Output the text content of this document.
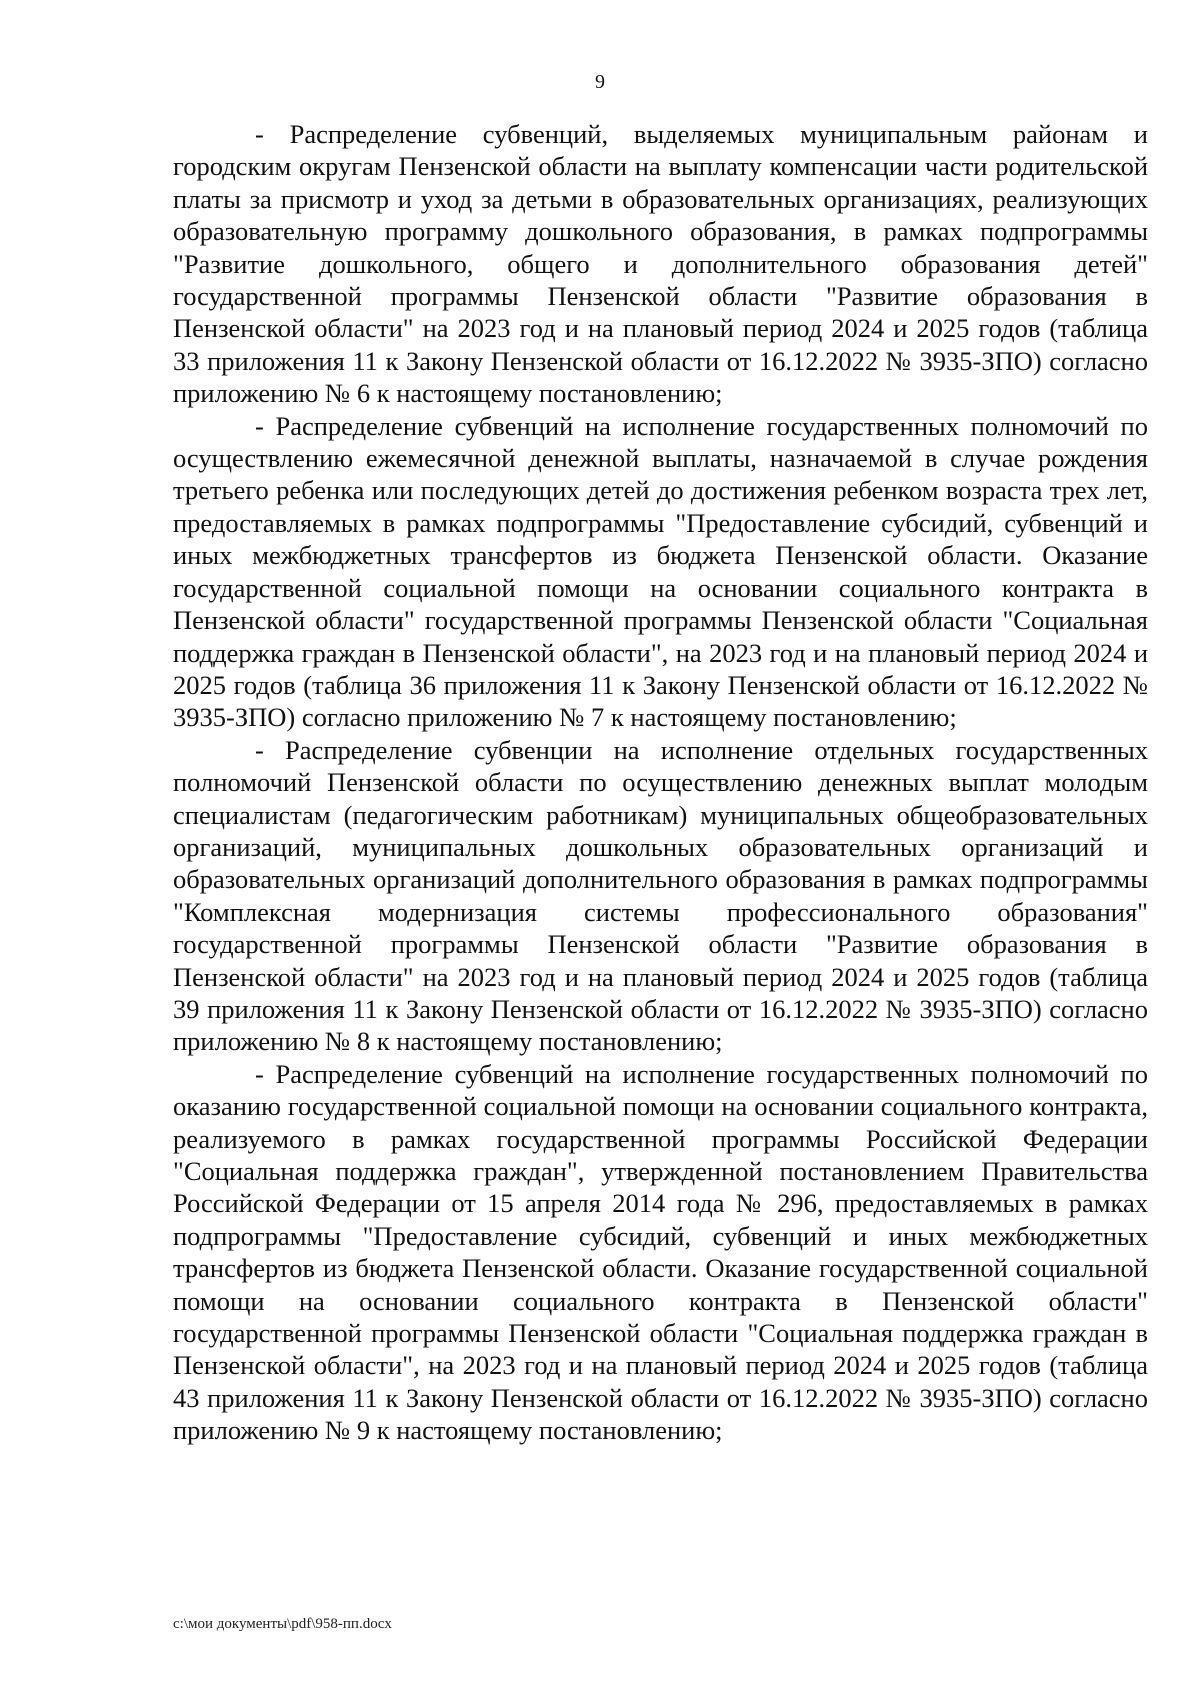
9

- Распределение субвенций, выделяемых муниципальным районам и городским округам Пензенской области на выплату компенсации части родительской платы за присмотр и уход за детьми в образовательных организациях, реализующих образовательную программу дошкольного образования, в рамках подпрограммы "Развитие дошкольного, общего и дополнительного образования детей" государственной программы Пензенской области "Развитие образования в Пензенской области" на 2023 год и на плановый период 2024 и 2025 годов (таблица 33 приложения 11 к Закону Пензенской области от 16.12.2022 № 3935-ЗПО) согласно приложению № 6 к настоящему постановлению;

- Распределение субвенций на исполнение государственных полномочий по осуществлению ежемесячной денежной выплаты, назначаемой в случае рождения третьего ребенка или последующих детей до достижения ребенком возраста трех лет, предоставляемых в рамках подпрограммы "Предоставление субсидий, субвенций и иных межбюджетных трансфертов из бюджета Пензенской области. Оказание государственной социальной помощи на основании социального контракта в Пензенской области" государственной программы Пензенской области "Социальная поддержка граждан в Пензенской области", на 2023 год и на плановый период 2024 и 2025 годов (таблица 36 приложения 11 к Закону Пензенской области от 16.12.2022 № 3935-ЗПО) согласно приложению № 7 к настоящему постановлению;

- Распределение субвенции на исполнение отдельных государственных полномочий Пензенской области по осуществлению денежных выплат молодым специалистам (педагогическим работникам) муниципальных общеобразовательных организаций, муниципальных дошкольных образовательных организаций и образовательных организаций дополнительного образования в рамках подпрограммы "Комплексная модернизация системы профессионального образования" государственной программы Пензенской области "Развитие образования в Пензенской области" на 2023 год и на плановый период 2024 и 2025 годов (таблица 39 приложения 11 к Закону Пензенской области от 16.12.2022 № 3935-ЗПО) согласно приложению № 8 к настоящему постановлению;

- Распределение субвенций на исполнение государственных полномочий по оказанию государственной социальной помощи на основании социального контракта, реализуемого в рамках государственной программы Российской Федерации "Социальная поддержка граждан", утвержденной постановлением Правительства Российской Федерации от 15 апреля 2014 года № 296, предоставляемых в рамках подпрограммы "Предоставление субсидий, субвенций и иных межбюджетных трансфертов из бюджета Пензенской области. Оказание государственной социальной помощи на основании социального контракта в Пензенской области" государственной программы Пензенской области "Социальная поддержка граждан в Пензенской области", на 2023 год и на плановый период 2024 и 2025 годов (таблица 43 приложения 11 к Закону Пензенской области от 16.12.2022 № 3935-ЗПО) согласно приложению № 9 к настоящему постановлению;

c:\мои документы\pdf\958-пп.docx
